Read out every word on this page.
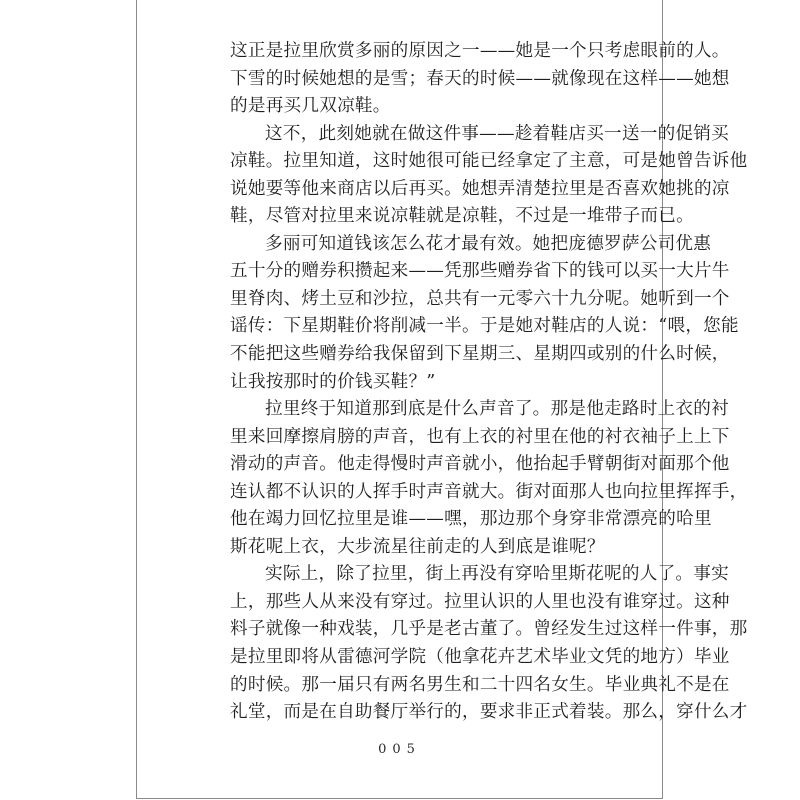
这正是拉里欣赏多丽的原因之一——她是一个只考虑眼前的人。
下雪的时候她想的是雪；春天的时候——就像现在这样——她想
的是再买几双凉鞋。
这不，此刻她就在做这件事——趁着鞋店买一送一的促销买
凉鞋。拉里知道，这时她很可能已经拿定了主意，可是她曾告诉他
说她要等他来商店以后再买。她想弄清楚拉里是否喜欢她挑的凉
鞋，尽管对拉里来说凉鞋就是凉鞋，不过是一堆带子而已。
多丽可知道钱该怎么花才最有效。她把庞德罗萨公司优惠
五十分的赠券积攒起来——凭那些赠券省下的钱可以买一大片牛
里脊肉、烤土豆和沙拉，总共有一元零六十九分呢。她听到一个
谣传：下星期鞋价将削减一半。于是她对鞋店的人说：“喂，您能
不能把这些赠券给我保留到下星期三、星期四或别的什么时候，
让我按那时的价钱买鞋？”
拉里终于知道那到底是什么声音了。那是他走路时上衣的衬
里来回摩擦肩膀的声音，也有上衣的衬里在他的衬衣袖子上上下
滑动的声音。他走得慢时声音就小，他抬起手臂朝街对面那个他
连认都不认识的人挥手时声音就大。街对面那人也向拉里挥挥手，
他在竭力回忆拉里是谁——嘿，那边那个身穿非常漂亮的哈里
斯花呢上衣，大步流星往前走的人到底是谁呢？
实际上，除了拉里，街上再没有穿哈里斯花呢的人了。事实
上，那些人从来没有穿过。拉里认识的人里也没有谁穿过。这种
料子就像一种戏装，几乎是老古董了。曾经发生过这样一件事，那
是拉里即将从雷德河学院（他拿花卉艺术毕业文凭的地方）毕业
的时候。那一届只有两名男生和二十四名女生。毕业典礼不是在
礼堂，而是在自助餐厅举行的，要求非正式着装。那么，穿什么才
005
